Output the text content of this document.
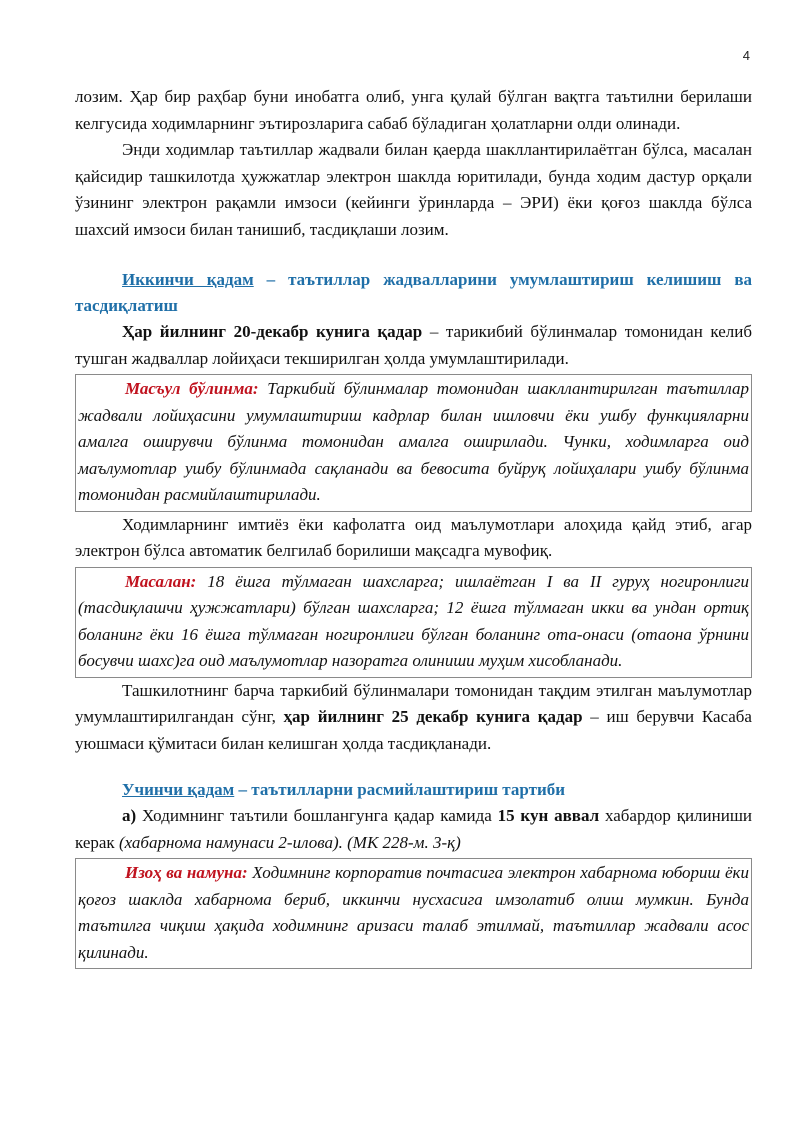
4

лозим. Ҳар бир раҳбар буни инобатга олиб, унга қулай бўлган вақтга таътилни берилаши келгусида ходимларнинг эътирозларига сабаб бўладиган ҳолатларни олди олинади.

Энди ходимлар таътиллар жадвали билан қаерда шакллантирилаётган бўлса, масалан қайсидир ташкилотда ҳужжатлар электрон шаклда юритилади, бунда ходим дастур орқали ўзининг электрон рақамли имзоси (кейинги ўринларда – ЭРИ) ёки қоғоз шаклда бўлса шахсий имзоси билан танишиб, тасдиқлаши лозим.

Иккинчи қадам – таътиллар жадвалларини умумлаштириш келишиш ва тасдиқлатиш

Ҳар йилнинг 20-декабр кунига қадар – тарикибий бўлинмалар томонидан келиб тушган жадваллар лойиҳаси текширилган ҳолда умумлаштирилади.

Масъул бўлинма: Таркибий бўлинмалар томонидан шакллантирилган таътиллар жадвали лойиҳасини умумлаштириш кадрлар билан ишловчи ёки ушбу функцияларни амалга оширувчи бўлинма томонидан амалга оширилади. Чунки, ходимларга оид маълумотлар ушбу бўлинмада сақланади ва бевосита буйруқ лойиҳалари ушбу бўлинма томонидан расмийлаштирилади.

Ходимларнинг имтиёз ёки кафолатга оид маълумотлари алоҳида қайд этиб, агар электрон бўлса автоматик белгилаб борилиши мақсадга мувофиқ.

Масалан: 18 ёшга тўлмаган шахсларга; ишлаётган I ва II гуруҳ ногиронлиги (тасдиқлашчи ҳужжатлари) бўлган шахсларга; 12 ёшга тўлмаган икки ва ундан ортиқ боланинг ёки 16 ёшга тўлмаган ногиронлиги бўлган боланинг ота-онаси (отаона ўрнини босувчи шахс)га оид маълумотлар назоратга олиниши муҳим хисобланади.

Ташкилотнинг барча таркибий бўлинмалари томонидан тақдим этилган маълумотлар умумлаштирилгандан сўнг, ҳар йилнинг 25 декабр кунига қадар – иш берувчи Касаба уюшмаси қўмитаси билан келишган ҳолда тасдиқланади.

Учинчи қадам – таътилларни расмийлаштириш тартиби

а) Ходимнинг таътили бошлангунга қадар камида 15 кун аввал хабардор қилиниши керак (хабарнома намунаси 2-илова). (МК 228-м. 3-қ)

Изоҳ ва намуна: Ходимнинг корпоратив почтасига электрон хабарнома юбориш ёки қоғоз шаклда хабарнома бериб, иккинчи нусхасига имзолатиб олиш мумкин. Бунда таътилга чиқиш ҳақида ходимнинг аризаси талаб этилмай, таътиллар жадвали асос қилинади.
